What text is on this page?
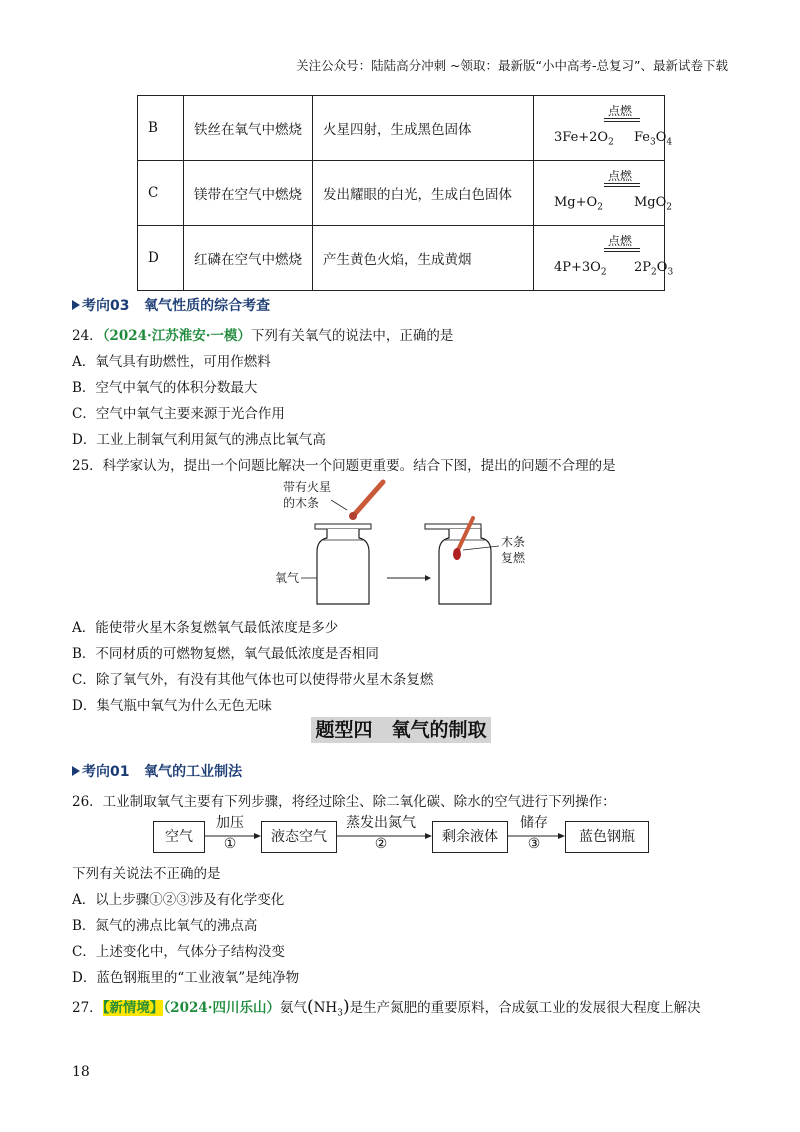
关注公众号：陆陆高分冲刺 ~领取：最新版“小中高考-总复习”、最新试卷下载
B	铁丝在氧气中燃烧	火星四射，生成黑色固体	点燃
$3Fe+2O_2$ $Fe_3O_4$

C	镁带在空气中燃烧	发出耀眼的白光，生成白色固体	点燃
$Mg+O_2$ MgO$_2$

D	红磷在空气中燃烧	产生黄色火焰，生成黄烟	点燃
$4P+3O_2$ $2P_2O_3$
考向03 氧气性质的综合考查
24．（2024·江苏淮安·一模）下列有关氧气的说法中，正确的是
A．氧气具有助燃性，可用作燃料
B．空气中氧气的体积分数最大
C．空气中氧气主要来源于光合作用
D．工业上制氧气利用氮气的沸点比氧气高
25．科学家认为，提出一个问题比解决一个问题更重要。结合下图，提出的问题不合理的是
带有火星
的木条
氧气
木条
复燃
A．能使带火星木条复燃氧气最低浓度是多少
B．不同材质的可燃物复燃，氧气最低浓度是否相同
C．除了氧气外，有没有其他气体也可以使得带火星木条复燃
D．集气瓶中氧气为什么无色无味
题型四　氧气的制取
考向01 氧气的工业制法
26．工业制取氧气主要有下列步骤，将经过除尘、除二氧化碳、除水的空气进行下列操作：
空气	液态空气	剩余液体	蓝色钢瓶
加压
①
蒸发出氮气
②
储存
③
下列有关说法不正确的是
A．以上步骤①②③涉及有化学变化
B．氮气的沸点比氧气的沸点高
C．上述变化中，气体分子结构没变
D．蓝色钢瓶里的“工业液氧”是纯净物
27．【新情境】（2024·四川乐山）氨气$(NH_3)$是生产氮肥的重要原料，合成氨工业的发展很大程度上解决
18
